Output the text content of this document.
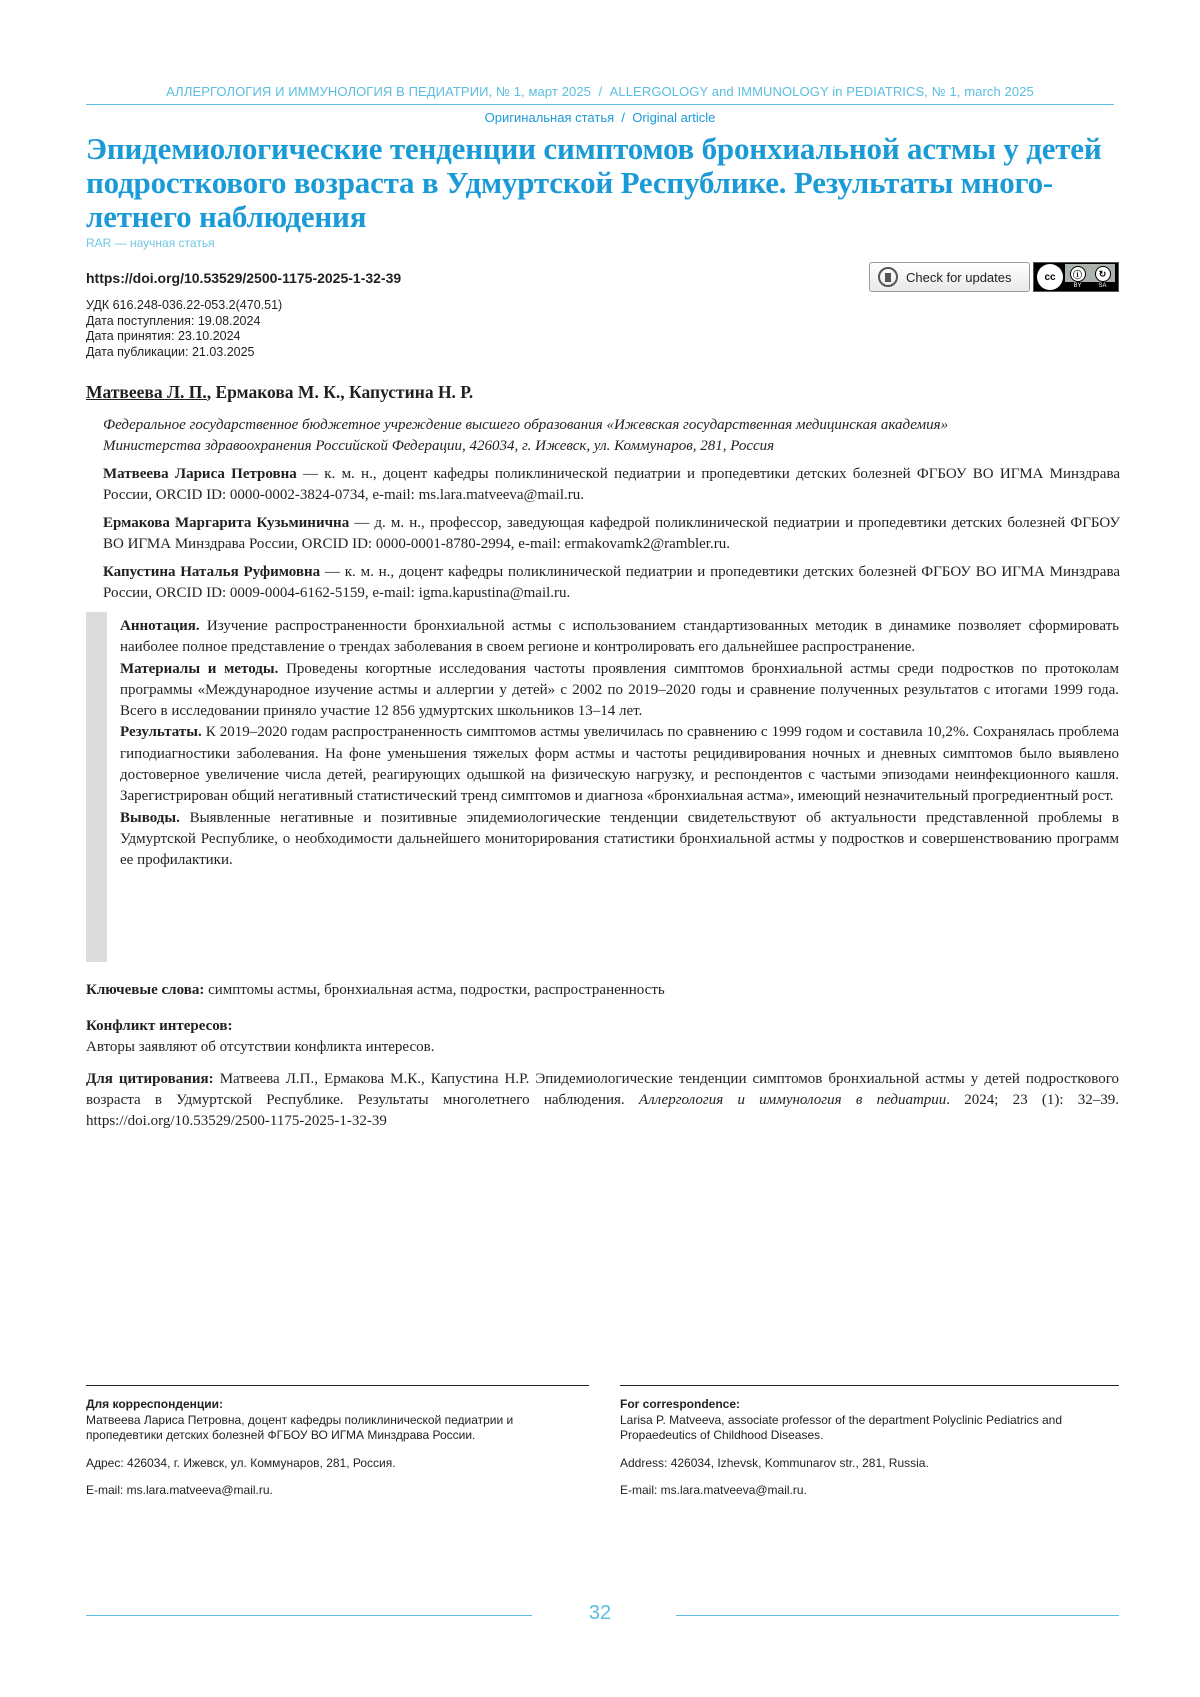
АЛЛЕРГОЛОГИЯ И ИММУНОЛОГИЯ В ПЕДИАТРИИ, № 1, март 2025 / ALLERGOLOGY and IMMUNOLOGY in PEDIATRICS, № 1, march 2025
Оригинальная статья / Original article
Эпидемиологические тенденции симптомов бронхиальной астмы у детей
подросткового возраста в Удмуртской Республике. Результаты много-
летнего наблюдения
RAR — научная статья
https://doi.org/10.53529/2500-1175-2025-1-32-39	Check for updates	cc	ⓘ	↻
BY	SA
УДК 616.248-036.22-053.2(470.51)
Дата поступления: 19.08.2024
Дата принятия: 23.10.2024
Дата публикации: 21.03.2025
Матвеева Л. П., Ермакова М. К., Капустина Н. Р.
Федеральное государственное бюджетное учреждение высшего образования «Ижевская государственная медицинская академия»
Министерства здравоохранения Российской Федерации, 426034, г. Ижевск, ул. Коммунаров, 281, Россия

Матвеева Лариса Петровна — к. м. н., доцент кафедры поликлинической педиатрии и пропедевтики детских болезней ФГБОУ ВО ИГМА Минздрава России, ORCID ID: 0000-0002-3824-0734, e-mail: ms.lara.matveeva@mail.ru.

Ермакова Маргарита Кузьминична — д. м. н., профессор, заведующая кафедрой поликлинической педиатрии и пропедевтики детских болезней ФГБОУ ВО ИГМА Минздрава России, ORCID ID: 0000-0001-8780-2994, e-mail: ermakovamk2@rambler.ru.

Капустина Наталья Руфимовна — к. м. н., доцент кафедры поликлинической педиатрии и пропедевтики детских болезней ФГБОУ ВО ИГМА Минздрава России, ORCID ID: 0009-0004-6162-5159, e-mail: igma.kapustina@mail.ru.

Аннотация. Изучение распространенности бронхиальной астмы с использованием стандартизованных методик в динамике позволяет сформировать наиболее полное представление о трендах заболевания в своем регионе и контролировать его дальнейшее распространение.

Материалы и методы. Проведены когортные исследования частоты проявления симптомов бронхиальной астмы среди подростков по протоколам программы «Международное изучение астмы и аллергии у детей» с 2002 по 2019–2020 годы и сравнение полученных результатов с итогами 1999 года. Всего в исследовании приняло участие 12 856 удмуртских школьников 13–14 лет.

Результаты. К 2019–2020 годам распространенность симптомов астмы увеличилась по сравнению с 1999 годом и составила 10,2%. Сохранялась проблема гиподиагностики заболевания. На фоне уменьшения тяжелых форм астмы и частоты рецидивирования ночных и дневных симптомов было выявлено достоверное увеличение числа детей, реагирующих одышкой на физическую нагрузку, и респондентов с частыми эпизодами неинфекционного кашля. Зарегистрирован общий негативный статистический тренд симптомов и диагноза «бронхиальная астма», имеющий незначительный прогредиентный рост.

Выводы. Выявленные негативные и позитивные эпидемиологические тенденции свидетельствуют об актуальности представленной проблемы в Удмуртской Республике, о необходимости дальнейшего мониторирования статистики бронхиальной астмы у подростков и совершенствованию программ ее профилактики.

Ключевые слова: симптомы астмы, бронхиальная астма, подростки, распространенность
Конфликт интересов:
Авторы заявляют об отсутствии конфликта интересов.
Для цитирования: Матвеева Л.П., Ермакова М.К., Капустина Н.Р. Эпидемиологические тенденции симптомов бронхиальной астмы у детей подросткового возраста в Удмуртской Республике. Результаты многолетнего наблюдения. Аллергология и иммунология в педиатрии. 2024; 23 (1): 32–39. https://doi.org/10.53529/2500-1175-2025-1-32-39
Для корреспонденции:

Матвеева Лариса Петровна, доцент кафедры поликлинической педиатрии и пропедевтики детских болезней ФГБОУ ВО ИГМА Минздрава России.

Адрес: 426034, г. Ижевск, ул. Коммунаров, 281, Россия.

E-mail: ms.lara.matveeva@mail.ru.

For correspondence:

Larisa P. Matveeva, associate professor of the department Polyclinic Pediatrics and Propaedeutics of Childhood Diseases.

Address: 426034, Izhevsk, Kommunarov str., 281, Russia.

E-mail: ms.lara.matveeva@mail.ru.

32
